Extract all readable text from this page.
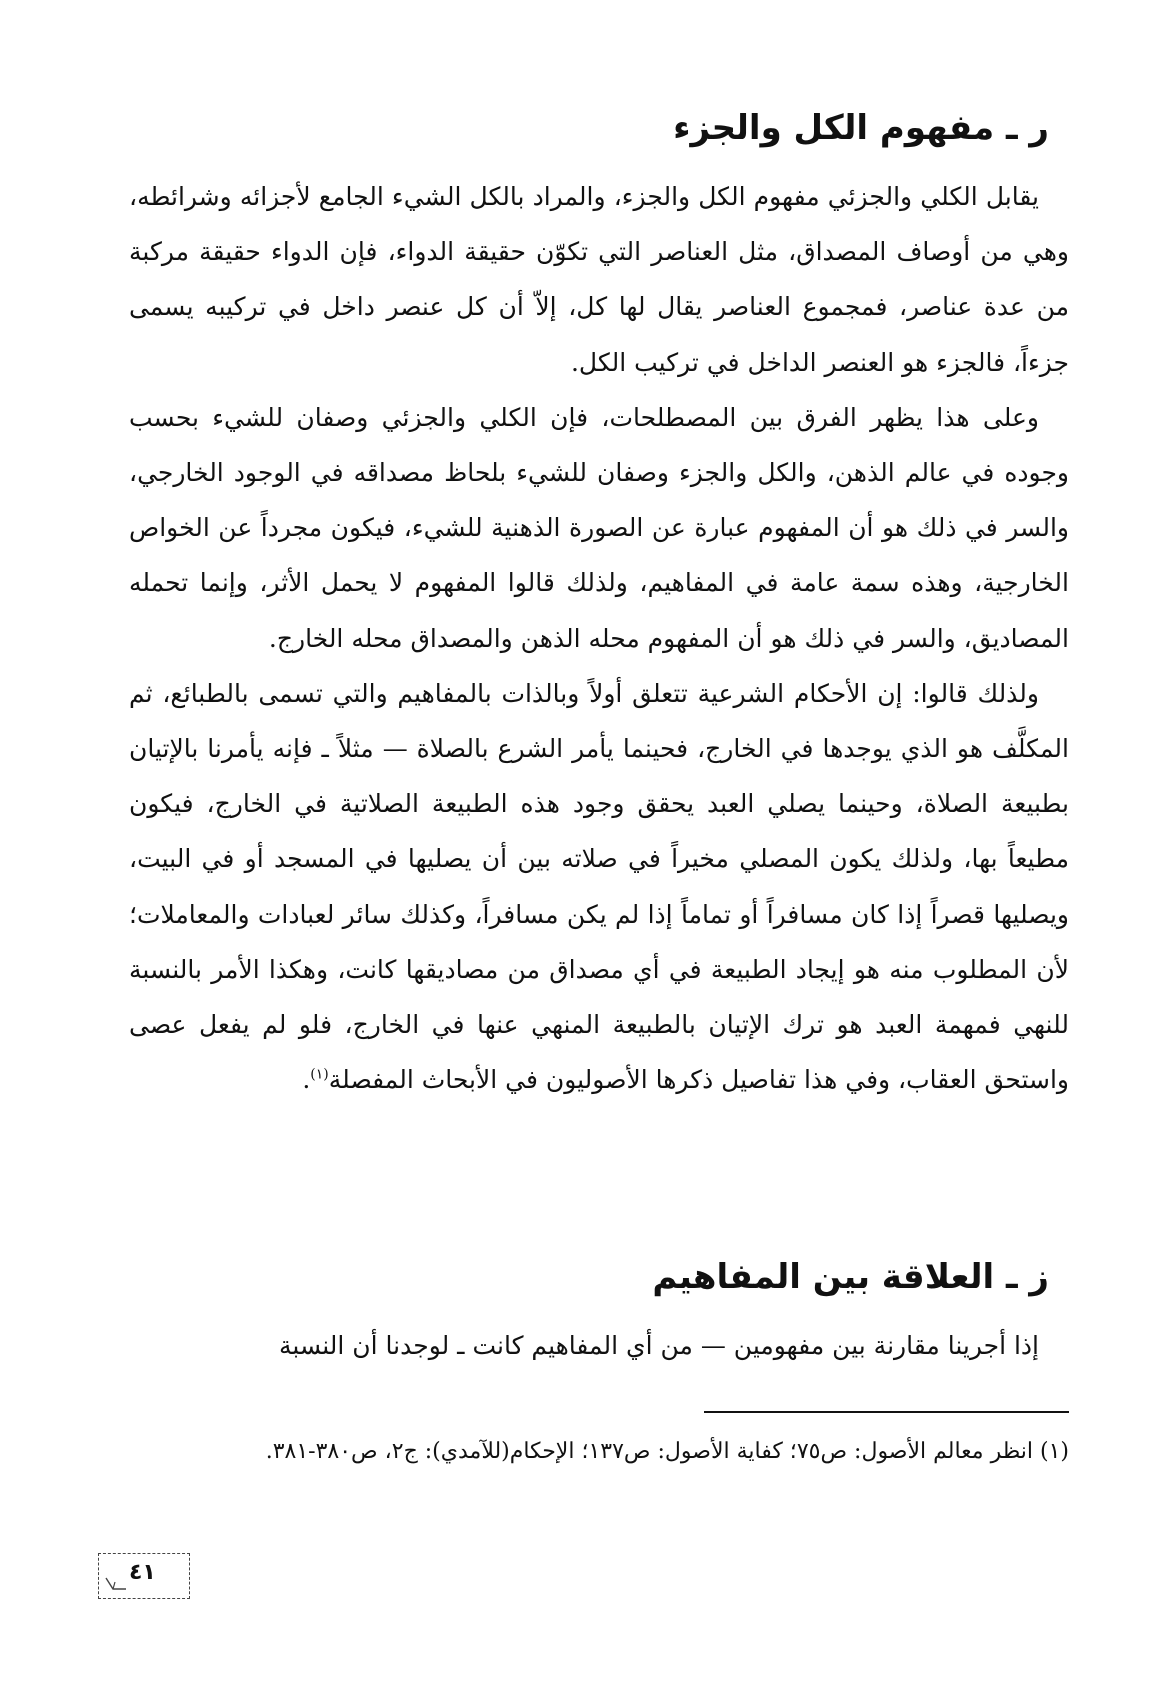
ر ـ مفهوم الكل والجزء

يقابل الكلي والجزئي مفهوم الكل والجزء، والمراد بالكل الشيء الجامع لأجزائه وشرائطه، وهي من أوصاف المصداق، مثل العناصر التي تكوّن حقيقة الدواء، فإن الدواء حقيقة مركبة من عدة عناصر، فمجموع العناصر يقال لها كل، إلاّ أن كل عنصر داخل في تركيبه يسمى جزءاً، فالجزء هو العنصر الداخل في تركيب الكل.

وعلى هذا يظهر الفرق بين المصطلحات، فإن الكلي والجزئي وصفان للشيء بحسب وجوده في عالم الذهن، والكل والجزء وصفان للشيء بلحاظ مصداقه في الوجود الخارجي، والسر في ذلك هو أن المفهوم عبارة عن الصورة الذهنية للشيء، فيكون مجرداً عن الخواص الخارجية، وهذه سمة عامة في المفاهيم، ولذلك قالوا المفهوم لا يحمل الأثر، وإنما تحمله المصاديق، والسر في ذلك هو أن المفهوم محله الذهن والمصداق محله الخارج.

ولذلك قالوا: إن الأحكام الشرعية تتعلق أولاً وبالذات بالمفاهيم والتي تسمى بالطبائع، ثم المكلَّف هو الذي يوجدها في الخارج، فحينما يأمر الشرع بالصلاة — مثلاً ـ فإنه يأمرنا بالإتيان بطبيعة الصلاة، وحينما يصلي العبد يحقق وجود هذه الطبيعة الصلاتية في الخارج، فيكون مطيعاً بها، ولذلك يكون المصلي مخيراً في صلاته بين أن يصليها في المسجد أو في البيت، ويصليها قصراً إذا كان مسافراً أو تماماً إذا لم يكن مسافراً، وكذلك سائر لعبادات والمعاملات؛ لأن المطلوب منه هو إيجاد الطبيعة في أي مصداق من مصاديقها كانت، وهكذا الأمر بالنسبة للنهي فمهمة العبد هو ترك الإتيان بالطبيعة المنهي عنها في الخارج، فلو لم يفعل عصى واستحق العقاب، وفي هذا تفاصيل ذكرها الأصوليون في الأبحاث المفصلة$^{(١)}$.

ز ـ العلاقة بين المفاهيم

إذا أجرينا مقارنة بين مفهومين — من أي المفاهيم كانت ـ لوجدنا أن النسبة

(١) انظر معالم الأصول: ص٧٥؛ كفاية الأصول: ص١٣٧؛ الإحكام(للآمدي): ج٢، ص٣٨٠-٣٨١.
٤١
